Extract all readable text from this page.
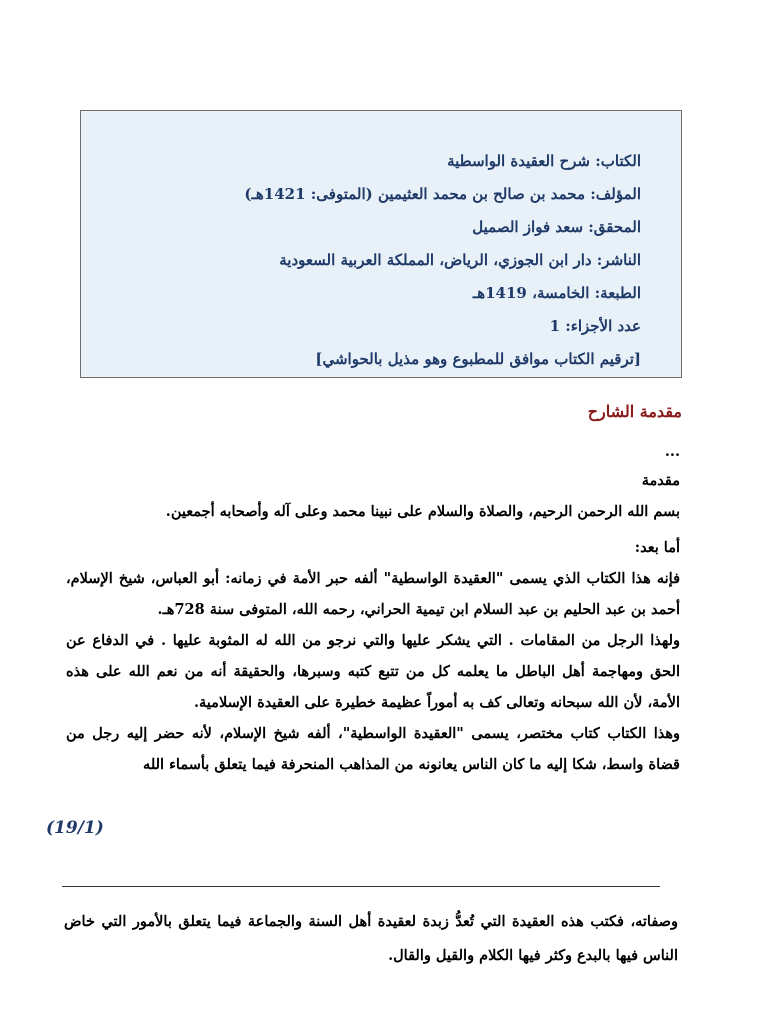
الكتاب: شرح العقيدة الواسطية
المؤلف: محمد بن صالح بن محمد العثيمين (المتوفى: 1421هـ)
المحقق: سعد فواز الصميل
الناشر: دار ابن الجوزي، الرياض، المملكة العربية السعودية
الطبعة: الخامسة، 1419هـ
عدد الأجزاء: 1
[ترقيم الكتاب موافق للمطبوع وهو مذيل بالحواشي]
مقدمة الشارح
...
مقدمة
بسم الله الرحمن الرحيم، والصلاة والسلام على نبينا محمد وعلى آله وأصحابه أجمعين.
أما بعد:

فإنه هذا الكتاب الذي يسمى "العقيدة الواسطية" ألفه حبر الأمة في زمانه: أبو العباس، شيخ الإسلام، أحمد بن عبد الحليم بن عبد السلام ابن تيمية الحراني، رحمه الله، المتوفى سنة 728هـ.

ولهذا الرجل من المقامات . التي يشكر عليها والتي نرجو من الله له المثوبة عليها . في الدفاع عن الحق ومهاجمة أهل الباطل ما يعلمه كل من تتبع كتبه وسبرها، والحقيقة أنه من نعم الله على هذه الأمة، لأن الله سبحانه وتعالى كف به أموراً عظيمة خطيرة على العقيدة الإسلامية.

وهذا الكتاب كتاب مختصر، يسمى "العقيدة الواسطية"، ألفه شيخ الإسلام، لأنه حضر إليه رجل من قضاة واسط، شكا إليه ما كان الناس يعانونه من المذاهب المنحرفة فيما يتعلق بأسماء الله

(19/1)
وصفاته، فكتب هذه العقيدة التي تُعدُّ زبدة لعقيدة أهل السنة والجماعة فيما يتعلق بالأمور التي خاض الناس فيها بالبدع وكثر فيها الكلام والقيل والقال.
